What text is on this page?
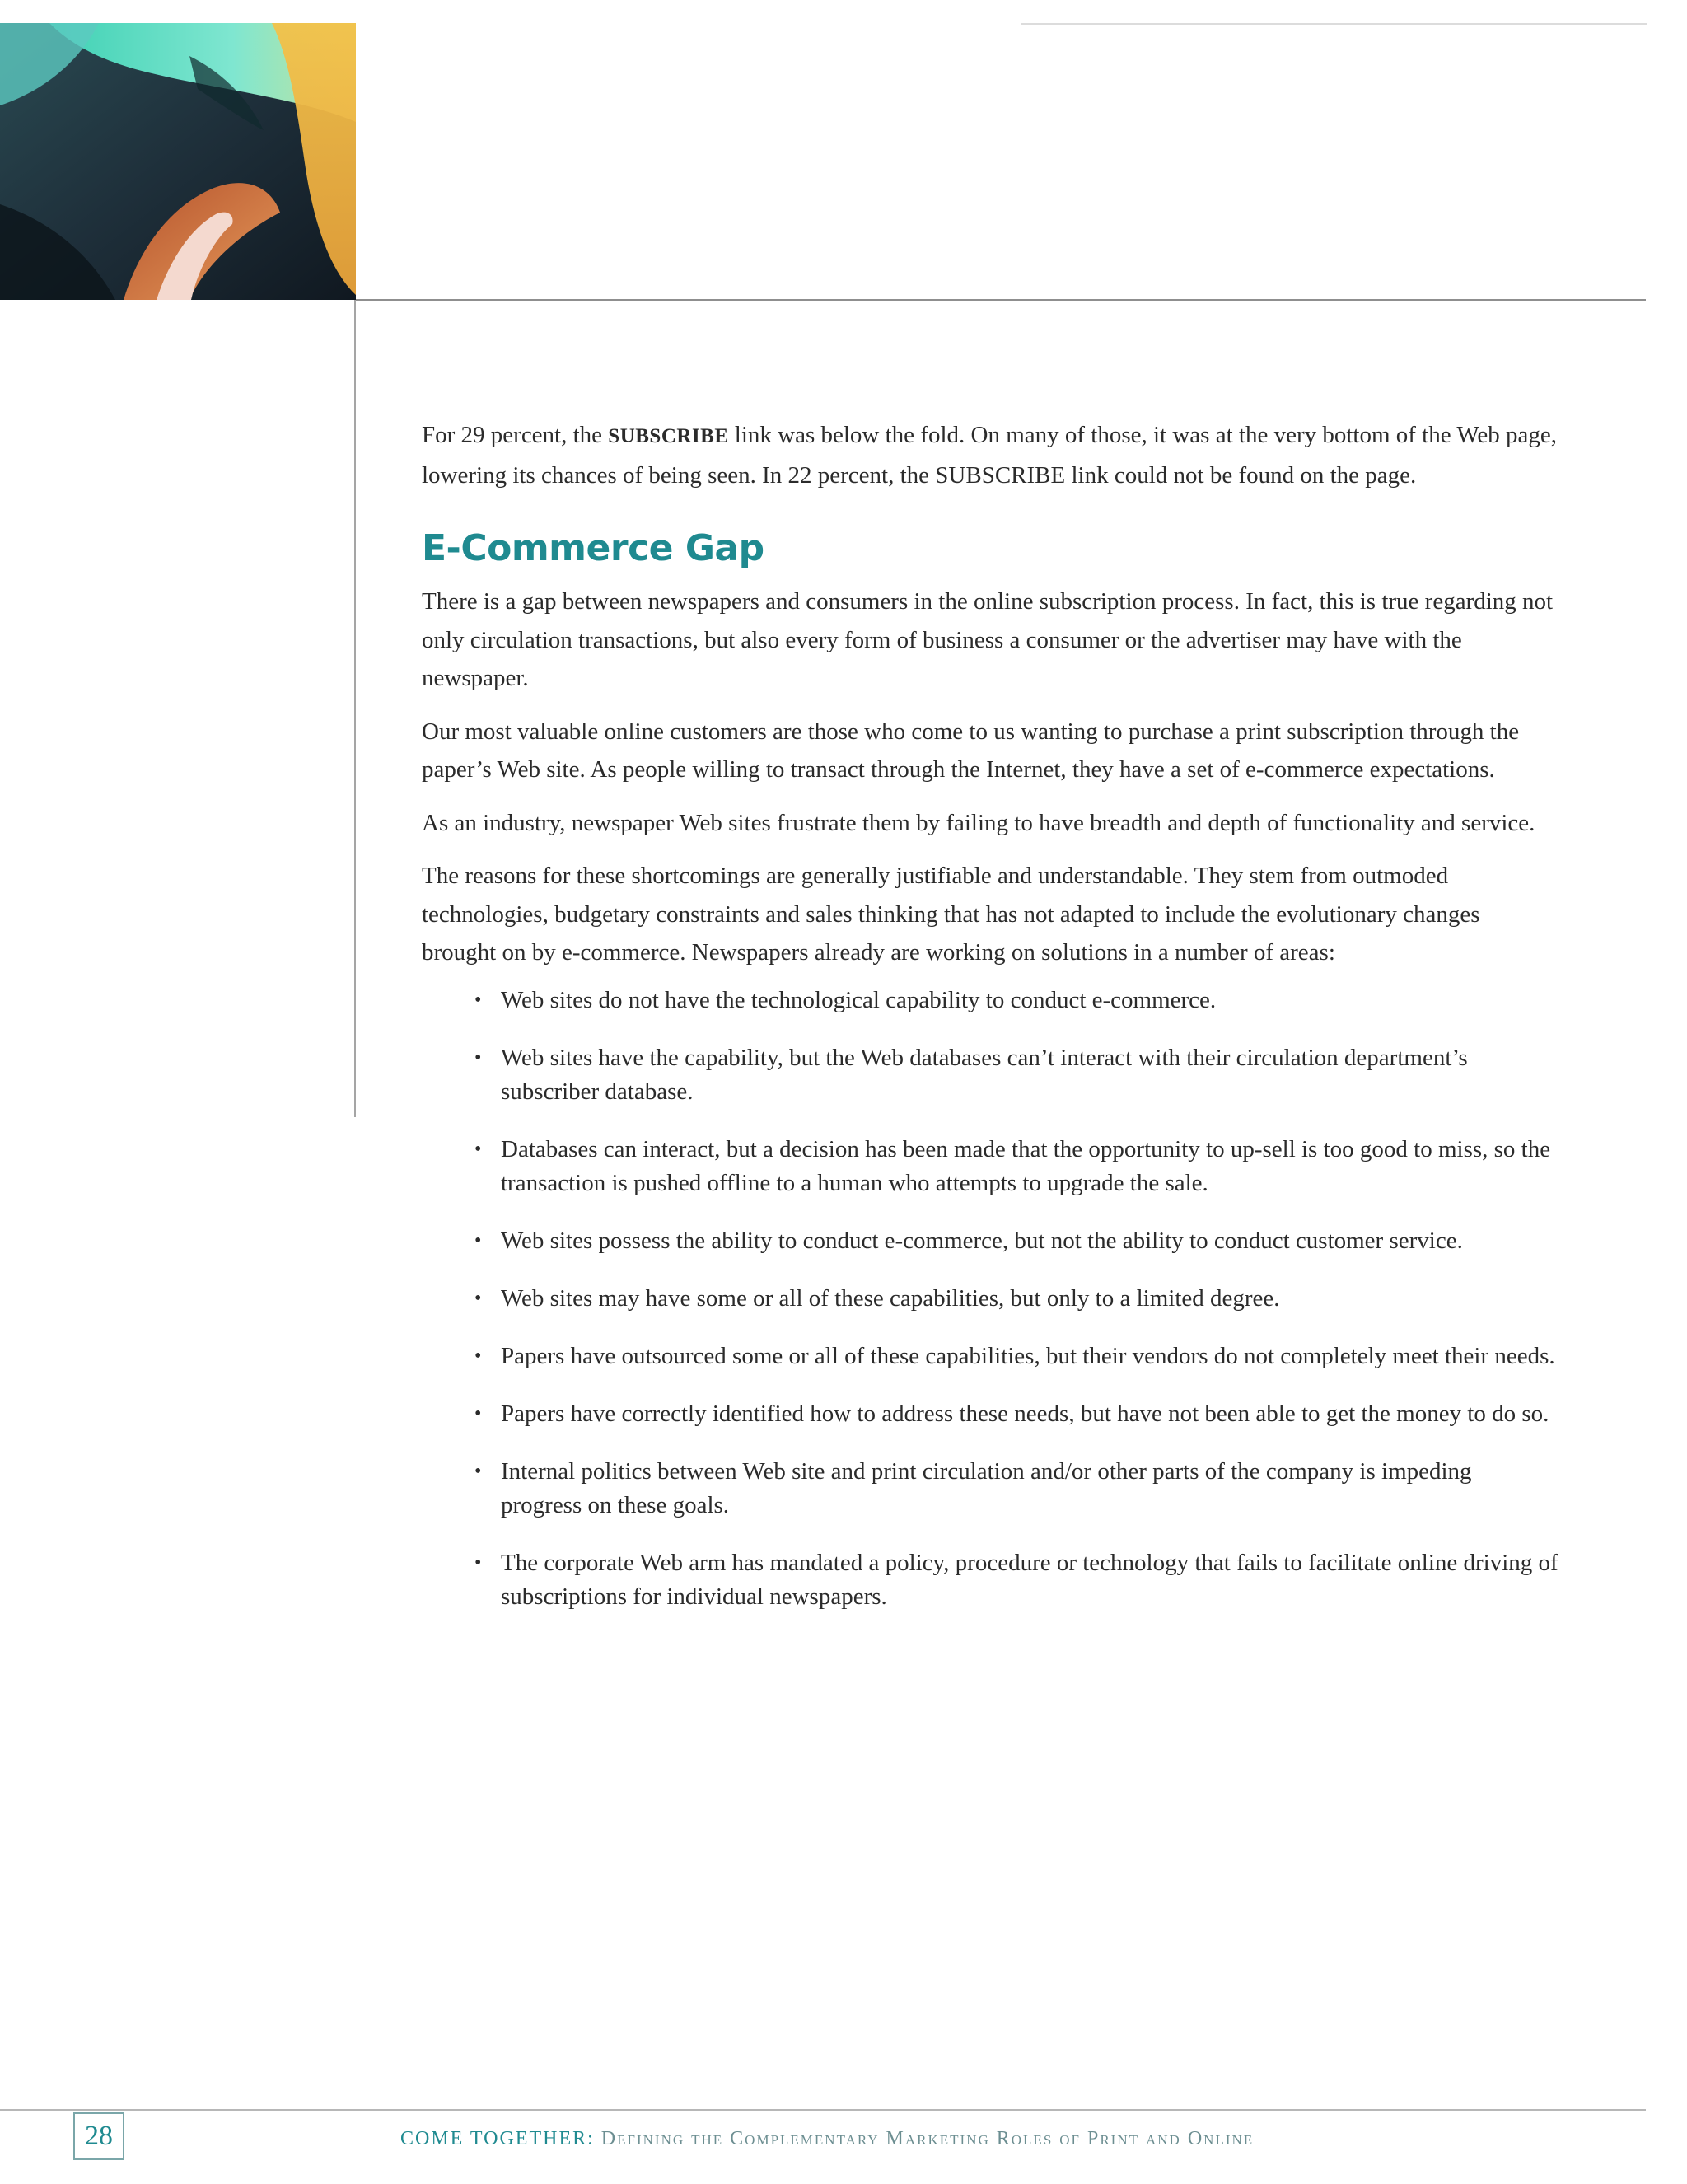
For 29 percent, the SUBSCRIBE link was below the fold. On many of those, it was at the very bottom of the Web page, lowering its chances of being seen. In 22 percent, the SUBSCRIBE link could not be found on the page.

E-Commerce Gap

There is a gap between newspapers and consumers in the online subscription process. In fact, this is true regarding not only circulation transactions, but also every form of business a consumer or the advertiser may have with the newspaper.

Our most valuable online customers are those who come to us wanting to purchase a print subscription through the paper’s Web site. As people willing to transact through the Internet, they have a set of e-commerce expectations.

As an industry, newspaper Web sites frustrate them by failing to have breadth and depth of functionality and service.

The reasons for these shortcomings are generally justifiable and understandable. They stem from outmoded technologies, budgetary constraints and sales thinking that has not adapted to include the evolutionary changes brought on by e-commerce. Newspapers already are working on solutions in a number of areas:

• Web sites do not have the technological capability to conduct e-commerce.
• Web sites have the capability, but the Web databases can’t interact with their circulation department’s subscriber database.
• Databases can interact, but a decision has been made that the opportunity to up-sell is too good to miss, so the transaction is pushed offline to a human who attempts to upgrade the sale.
• Web sites possess the ability to conduct e-commerce, but not the ability to conduct customer service.
• Web sites may have some or all of these capabilities, but only to a limited degree.
• Papers have outsourced some or all of these capabilities, but their vendors do not completely meet their needs.
• Papers have correctly identified how to address these needs, but have not been able to get the money to do so.
• Internal politics between Web site and print circulation and/or other parts of the company is impeding progress on these goals.
• The corporate Web arm has mandated a policy, procedure or technology that fails to facilitate online driving of subscriptions for individual newspapers.
28	COME TOGETHER: Defining the Complementary Marketing Roles of Print and Online
